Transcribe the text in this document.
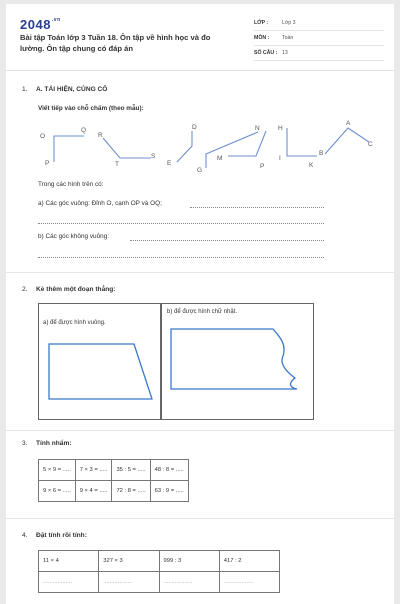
$2048^{.vn}$
Bài tập Toán lớp 3 Tuần 18. Ôn tập về hình học và đo lường. Ôn tập chung có đáp án
LỚP :	Lớp 3
MÔN :	Toán
SỐ CÂU : 13
1. A. TÁI HIỆN, CỦNG CỐ
Viết tiếp vào chỗ chấm (theo mẫu):
O
Q
P
R
T
S
D
E
G
N
M
P
H
I
K
A
B
C
Trong các hình trên có:
a) Các góc vuông: Đỉnh O, cạnh OP và OQ;
b) Các góc không vuông:
2. Kẻ thêm một đoạn thẳng:
a) để được hình vuông.
b) để được hình chữ nhật.
3. Tính nhẩm:
5 × 9 = .....	7 × 3 = .....	35 : 5 = .....	48 : 8 = .....
9 × 6 = .....	9 × 4 = .....	72 : 8 = .....	63 : 9 = .....
4. Đặt tính rồi tính:
11 × 4	327 × 3	999 : 3	417 : 2
..................	..................	..................	..................
